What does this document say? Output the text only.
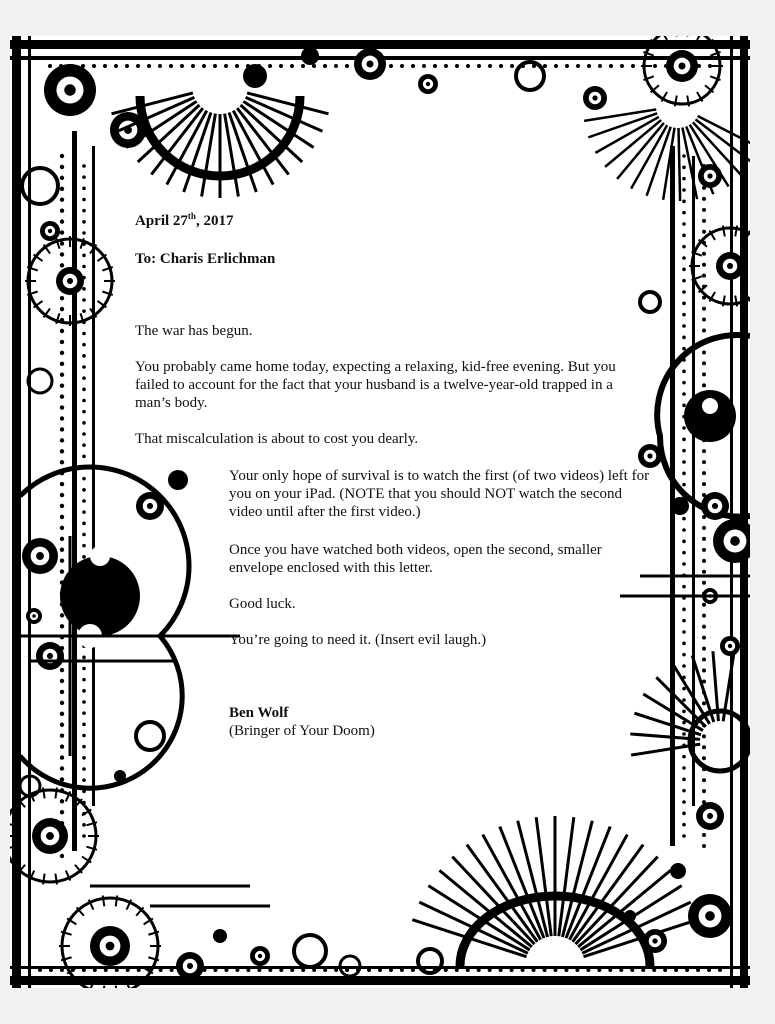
April 27th, 2017

To: Charis Erlichman

The war has begun.

You probably came home today, expecting a relaxing, kid-free evening. But you failed to account for the fact that your husband is a twelve-year-old trapped in a man’s body.

That miscalculation is about to cost you dearly.

Your only hope of survival is to watch the first (of two videos) left for you on your iPad. (NOTE that you should NOT watch the second video until after the first video.)

Once you have watched both videos, open the second, smaller envelope enclosed with this letter.

Good luck.

You’re going to need it. (Insert evil laugh.)

Ben Wolf

(Bringer of Your Doom)
